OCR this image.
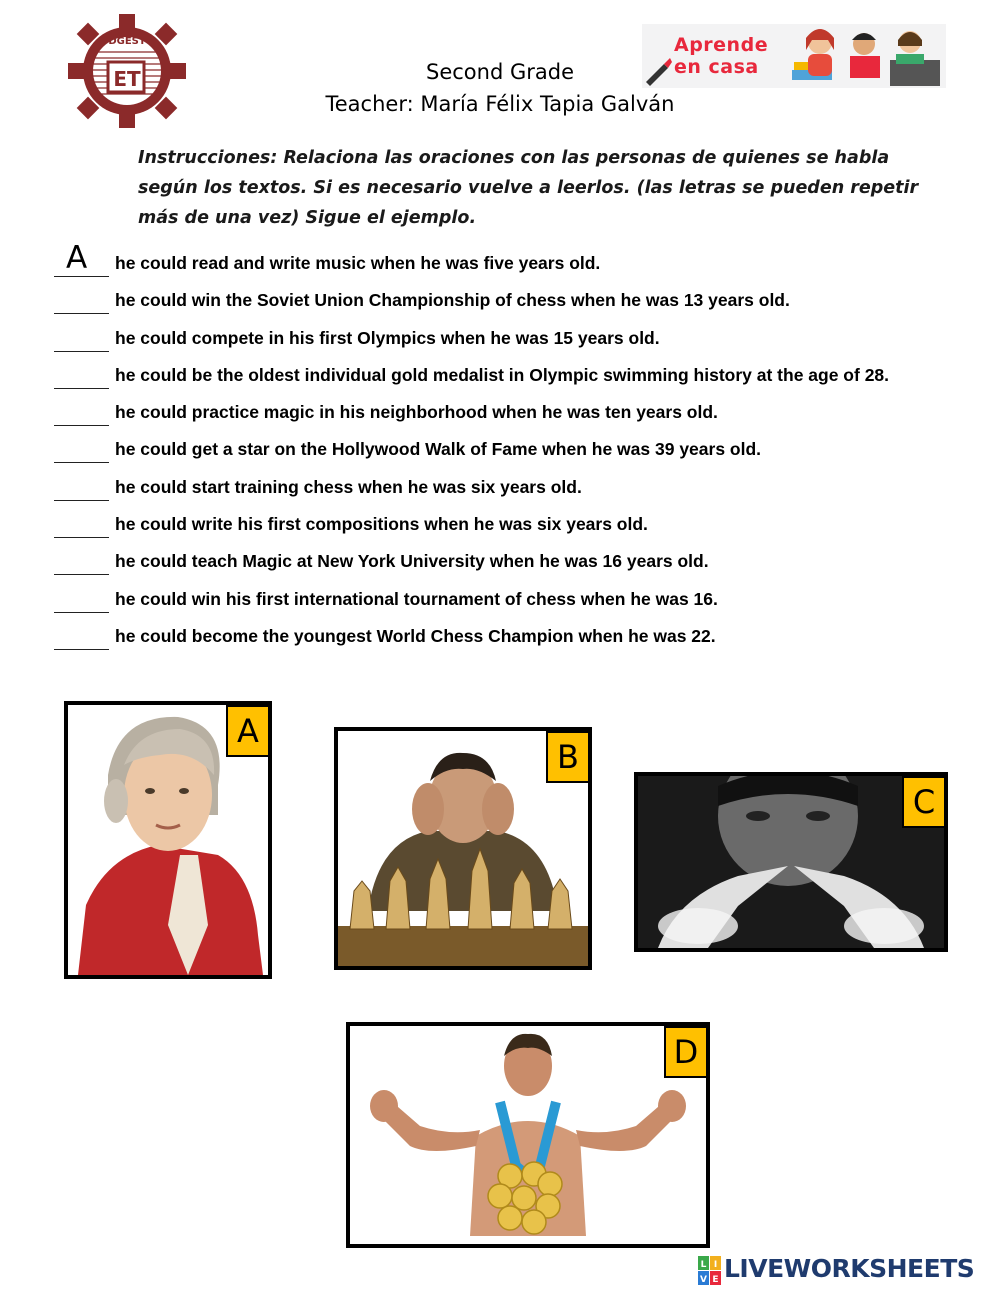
ET
DGEST
Second Grade
Teacher: María Félix Tapia Galván
Aprende
en casa
Instrucciones: Relaciona las oraciones con las personas de quienes se habla según los textos. Si es necesario vuelve a leerlos. (las letras se pueden repetir más de una vez) Sigue el ejemplo.
A he could read and write music when he was five years old.
he could win the Soviet Union Championship of chess when he was 13 years old.
he could compete in his first Olympics when he was 15 years old.
he could be the oldest individual gold medalist in Olympic swimming history at the age of 28.
he could practice magic in his neighborhood when he was ten years old.
he could get a star on the Hollywood Walk of Fame when he was 39 years old.
he could start training chess when he was six years old.
he could write his first compositions when he was six years old.
he could teach Magic at New York University when he was 16 years old.
he could win his first international tournament of chess when he was 16.
he could become the youngest World Chess Champion when he was 22.
A
B
C
D
L I
V E LIVEWORKSHEETS
